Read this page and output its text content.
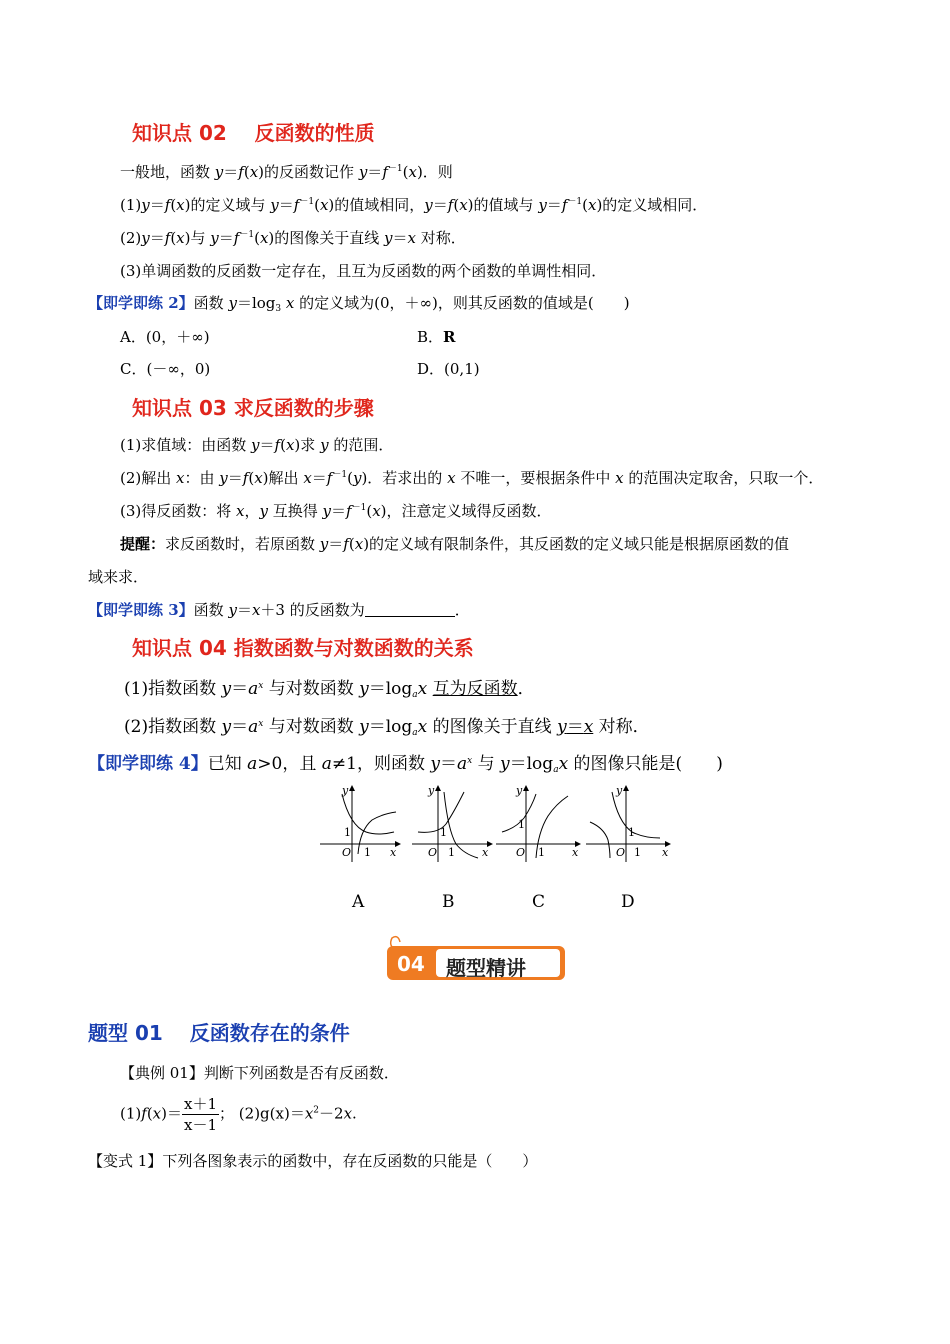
知识点 02 反函数的性质
一般地，函数 y＝f(x)的反函数记作 $y=f^{-1}(x)$．则
(1)y＝f(x)的定义域与 $y=f^{-1}(x)$的值域相同，y＝f(x)的值域与 $y=f^{-1}(x)$的定义域相同．
(2)y＝f(x)与 $y=f^{-1}(x)$的图像关于直线 y＝x 对称．
(3)单调函数的反函数一定存在，且互为反函数的两个函数的单调性相同．
【即学即练 2】函数 $y=\log_3$ x 的定义域为(0，＋∞)，则其反函数的值域是(　　)
A．(0，＋∞)	B．R
C．(－∞，0)	D．(0,1)
知识点 03 求反函数的步骤
(1)求值域：由函数 y＝f(x)求 y 的范围．
(2)解出 x：由 y＝f(x)解出 $x=f^{-1}(y)$．若求出的 x 不唯一，要根据条件中 x 的范围决定取舍，只取一个．
(3)得反函数：将 x，y 互换得 $y=f^{-1}(x)$，注意定义域得反函数．
提醒：求反函数时，若原函数 y＝f(x)的定义域有限制条件，其反函数的定义域只能是根据原函数的值
域来求．
【即学即练 3】函数 y＝x＋3 的反函数为	．
知识点 04 指数函数与对数函数的关系
(1)指数函数 $y=a^x$ 与对数函数 $y=\log_ax$ 互为反函数．
(2)指数函数 $y=a^x$ 与对数函数 $y=\log_ax$ 的图像关于直线 y＝x 对称．
【即学即练 4】已知 a>0，且 a≠1，则函数 $y=a^x$ 与 $y=\log_ax$ 的图像只能是(　　)
y
x
O
1
1
y
x
O
1
1
y
x
O
1
1
y
x
O
1
1
A	B	C	D
04 题型精讲
题型 01　 反函数存在的条件
【典例 01】判断下列函数是否有反函数．
$(1)f(x)= \frac{x+1}{x-1}$ ； $(2)g(x)=x^2-2x$.
【变式 1】下列各图象表示的函数中，存在反函数的只能是（　　）
